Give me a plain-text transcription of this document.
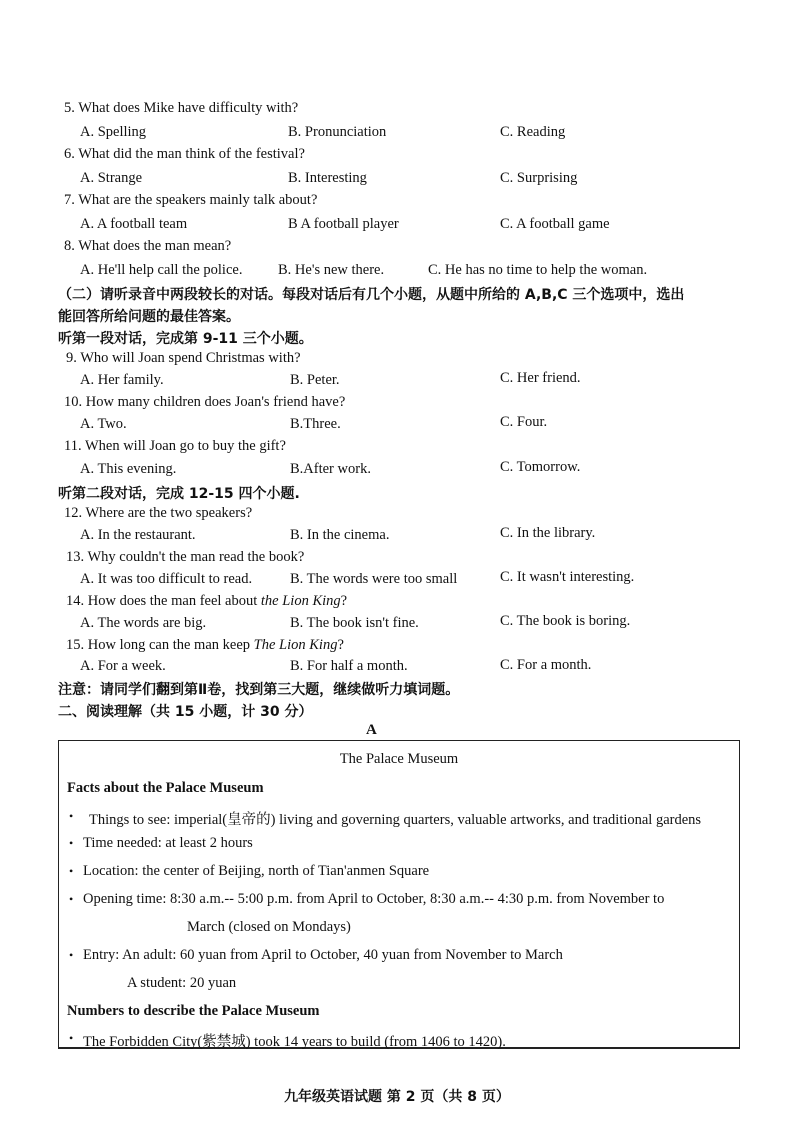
5. What does Mike have difficulty with?
A. Spelling	B. Pronunciation	C. Reading
6. What did the man think of the festival?
A. Strange	B. Interesting	C. Surprising
7. What are the speakers mainly talk about?
A. A football team	B A football player	C. A football game
8. What does the man mean?
A. He'll help call the police. B. He's new there.	C. He has no time to help the woman.
（二）请听录音中两段较长的对话。每段对话后有几个小题，从题中所给的 A,B,C 三个选项中，选出
能回答所给问题的最佳答案。
听第一段对话，完成第 9-11 三个小题。
9. Who will Joan spend Christmas with?
A. Her family.	B. Peter.	C. Her friend.
10. How many children does Joan's friend have?
A. Two.	B.Three.	C. Four.
11. When will Joan go to buy the gift?
A. This evening.	B.After work.	C. Tomorrow.
听第二段对话，完成 12-15 四个小题.
12. Where are the two speakers?
A. In the restaurant.	B. In the cinema.	C. In the library.
13. Why couldn't the man read the book?
A. It was too difficult to read.	B. The words were too small	C. It wasn't interesting.
14. How does the man feel about the Lion King?
A. The words are big.	B. The book isn't fine.	C. The book is boring.
15. How long can the man keep The Lion King?
A. For a week.	B. For half a month.	C. For a month.
注意：请同学们翻到第Ⅱ卷，找到第三大题，继续做听力填词题。
二、阅读理解（共 15 小题，计 30 分）
A
The Palace Museum
Facts about the Palace Museum
• Things to see: imperial(皇帝的) living and governing quarters, valuable artworks, and traditional gardens
• Time needed: at least 2 hours
• Location: the center of Beijing, north of Tian'anmen Square
• Opening time: 8:30 a.m.-- 5:00 p.m. from April to October, 8:30 a.m.-- 4:30 p.m. from November to
March (closed on Mondays)
• Entry: An adult: 60 yuan from April to October, 40 yuan from November to March
A student: 20 yuan
Numbers to describe the Palace Museum
• The Forbidden City(紫禁城) took 14 years to build (from 1406 to 1420).
九年级英语试题 第 2 页（共 8 页）
